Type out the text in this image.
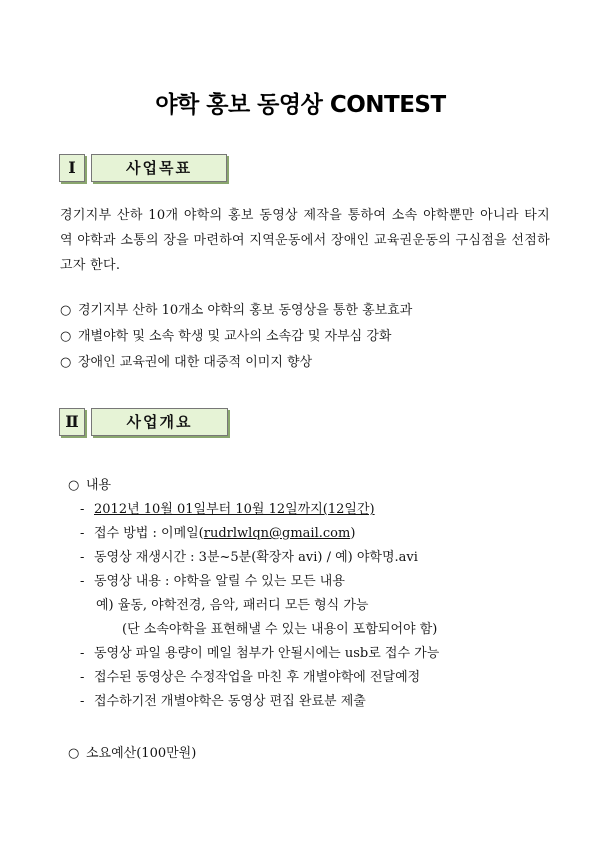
야학 홍보 동영상 CONTEST
I	사업목표
경기지부 산하 10개 야학의 홍보 동영상 제작을 통하여 소속 야학뿐만 아니라 타지역 야학과 소통의 장을 마련하여 지역운동에서 장애인 교육권운동의 구심점을 선점하고자 한다.
○ 경기지부 산하 10개소 야학의 홍보 동영상을 통한 홍보효과
○ 개별야학 및 소속 학생 및 교사의 소속감 및 자부심 강화
○ 장애인 교육권에 대한 대중적 이미지 향상
Ⅱ	사업개요
○ 내용
- 2012년 10월 01일부터 10월 12일까지(12일간)
- 접수 방법 : 이메일(rudrlwlqn@gmail.com)
- 동영상 재생시간 : 3분~5분(확장자 avi) / 예) 야학명.avi
- 동영상 내용 : 야학을 알릴 수 있는 모든 내용
예) 율동, 야학전경, 음악, 패러디 모든 형식 가능
(단 소속야학을 표현해낼 수 있는 내용이 포함되어야 함)
- 동영상 파일 용량이 메일 첨부가 안될시에는 usb로 접수 가능
- 접수된 동영상은 수정작업을 마친 후 개별야학에 전달예정
- 접수하기전 개별야학은 동영상 편집 완료분 제출
○ 소요예산(100만원)
